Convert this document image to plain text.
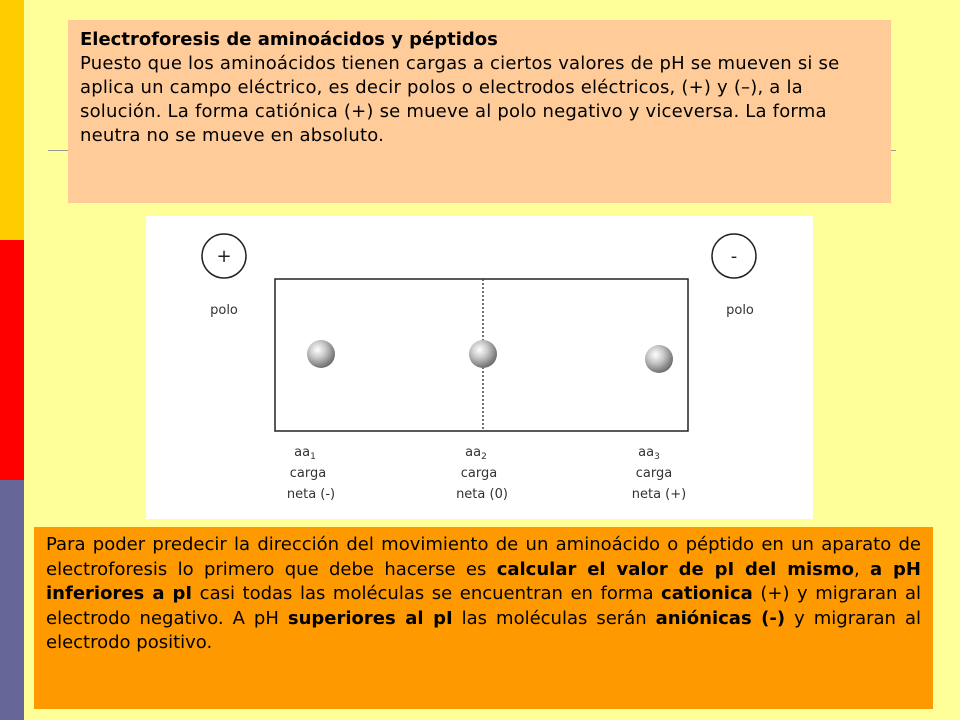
Electroforesis de aminoácidos y péptidos
Puesto que los aminoácidos tienen cargas a ciertos valores de pH se mueven si se aplica un campo eléctrico, es decir polos o electrodos eléctricos, (+) y (–), a la solución. La forma catiónica (+) se mueve al polo negativo y viceversa. La forma neutra no se mueve en absoluto.
+	-
polo	polo
$aa_1$
carga
neta (-)
$aa_2$
carga
neta (0)
$aa_3$
carga
neta (+)
Para poder predecir la dirección del movimiento de un aminoácido o péptido en un aparato de electroforesis lo primero que debe hacerse es calcular el valor de pI del mismo, a pH inferiores a pI casi todas las moléculas se encuentran en forma cationica (+) y migraran al electrodo negativo. A pH superiores al pI las moléculas serán aniónicas (-) y migraran al electrodo positivo.
